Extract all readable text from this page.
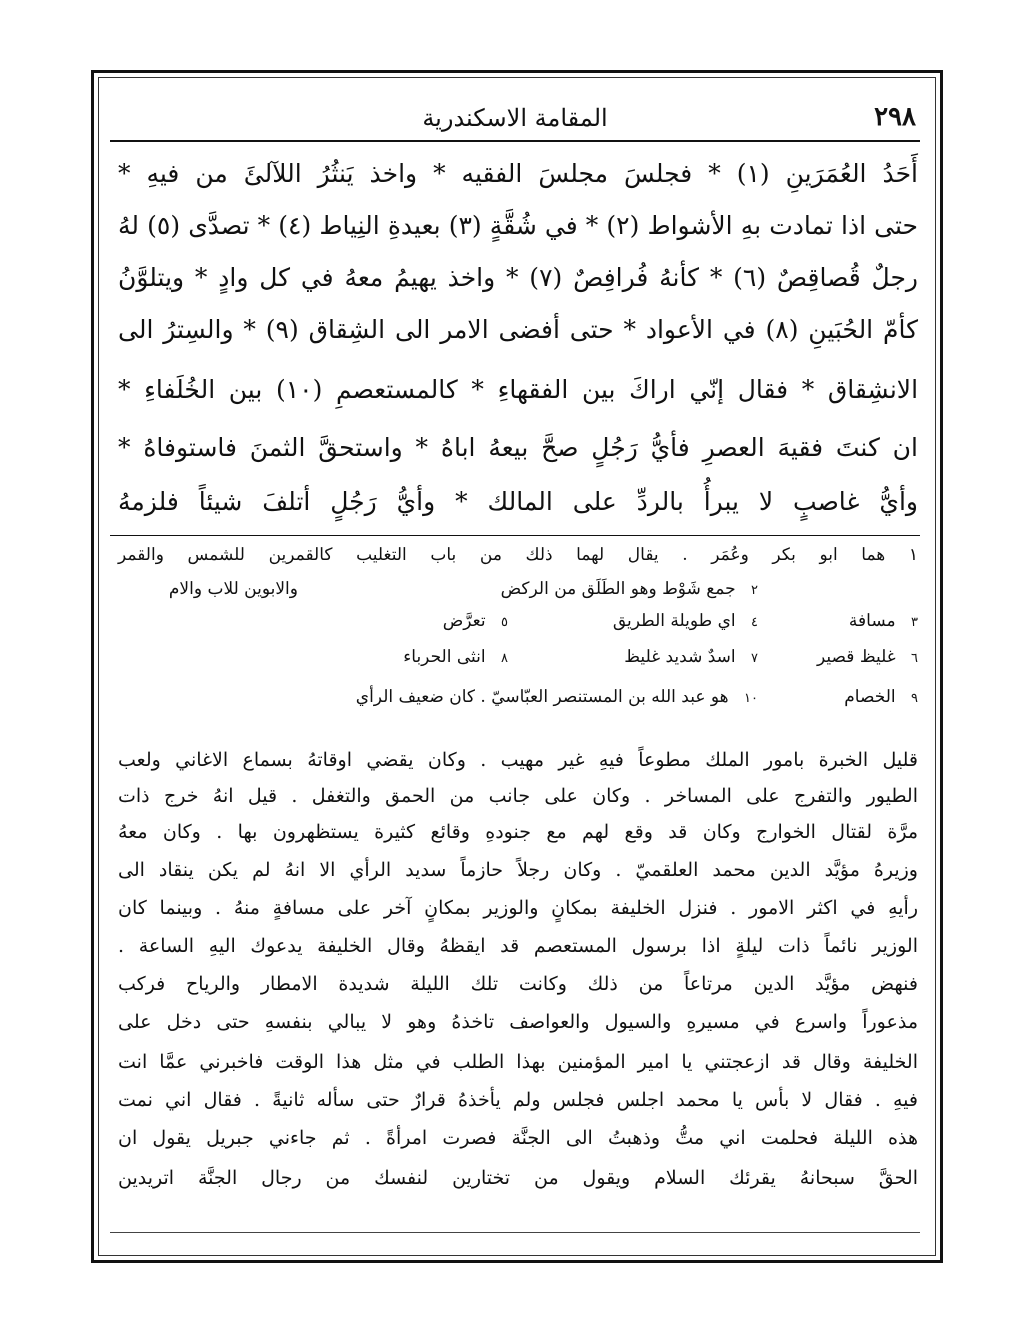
٢٩٨
المقامة الاسكندرية
أَحَدُ العُمَرَينِ (١) * فجلسَ مجلسَ الفقيه * واخذ يَنثُرُ اللآلئَ من فيهِ *
حتى اذا تمادت بهِ الأشواط (٢) * في شُقَّةٍ (٣) بعيدةِ النِياط (٤) * تصدَّى (٥) لهُ
رجلٌ قُصاقِصٌ (٦) * كأنهُ فُرافِصٌ (٧) * واخذ يهيمُ معهُ في كل وادٍ * ويتلوَّنُ
كأمّ الحُبَينِ (٨) في الأعواد * حتى أفضى الامر الى الشِقاق (٩) * والسِترُ الى
الانشِقاق * فقال إنّي اراكَ بين الفقهاءِ * كالمستعصمِ (١٠) بين الخُلَفاءِ *
ان كنتَ فقيهَ العصرِ فأيُّ رَجُلٍ صحَّ بيعهُ اباهُ * واستحقَّ الثمنَ فاستوفاهُ *
وأيُّ غاصبٍ لا يبرأُ بالردِّ على المالك * وأيُّ رَجُلٍ أتلفَ شيئاً فلزمهُ
١ هما ابو بكر وعُمَر . يقال لهما ذلك من باب التغليب كالقمرين للشمس والقمر
والابوين للاب والام	٢ جمع شَوْط وهو الطَلَق من الركض
٣ مسافة
٤ اي طويلة الطريق
٥ تعرَّض
٦ غليظ قصير
٧ اسدٌ شديد غليظ
٨ انثى الحرباء
٩ الخصام
١٠ هو عبد الله بن المستنصر العبّاسيّ . كان ضعيف الرأي
قليل الخبرة بامور الملك مطوعاً فيهِ غير مهيب . وكان يقضي اوقاتهُ بسماع الاغاني ولعب
الطيور والتفرج على المساخر . وكان على جانب من الحمق والتغفل . قيل انهُ خرج ذات
مرَّة لقتال الخوارج وكان قد وقع لهم مع جنودهِ وقائع كثيرة يستظهرون بها . وكان معهُ
وزيرهُ مؤيَّد الدين محمد العلقميّ . وكان رجلاً حازماً سديد الرأي الا انهُ لم يكن ينقاد الى
رأيهِ في اكثر الامور . فنزل الخليفة بمكانٍ والوزير بمكانٍ آخر على مسافةٍ منهُ . وبينما كان
الوزير نائماً ذات ليلةٍ اذا برسول المستعصم قد ايقظهُ وقال الخليفة يدعوك اليهِ الساعة .
فنهض مؤيَّد الدين مرتاعاً من ذلك وكانت تلك الليلة شديدة الامطار والرياح فركب
مذعوراً واسرع في مسيرهِ والسيول والعواصف تاخذهُ وهو لا يبالي بنفسهِ حتى دخل على
الخليفة وقال قد ازعجتني يا امير المؤمنين بهذا الطلب في مثل هذا الوقت فاخبرني عمَّا انت
فيهِ . فقال لا بأس يا محمد اجلس فجلس ولم يأخذهُ قرارٌ حتى سأله ثانيةً . فقال اني نمت
هذه الليلة فحلمت اني متُّ وذهبتُ الى الجنَّة فصرت امرأةً . ثم جاءني جبريل يقول ان
الحقَّ سبحانهُ يقرئك السلام ويقول من تختارين لنفسك من رجال الجنَّة اتريدين
